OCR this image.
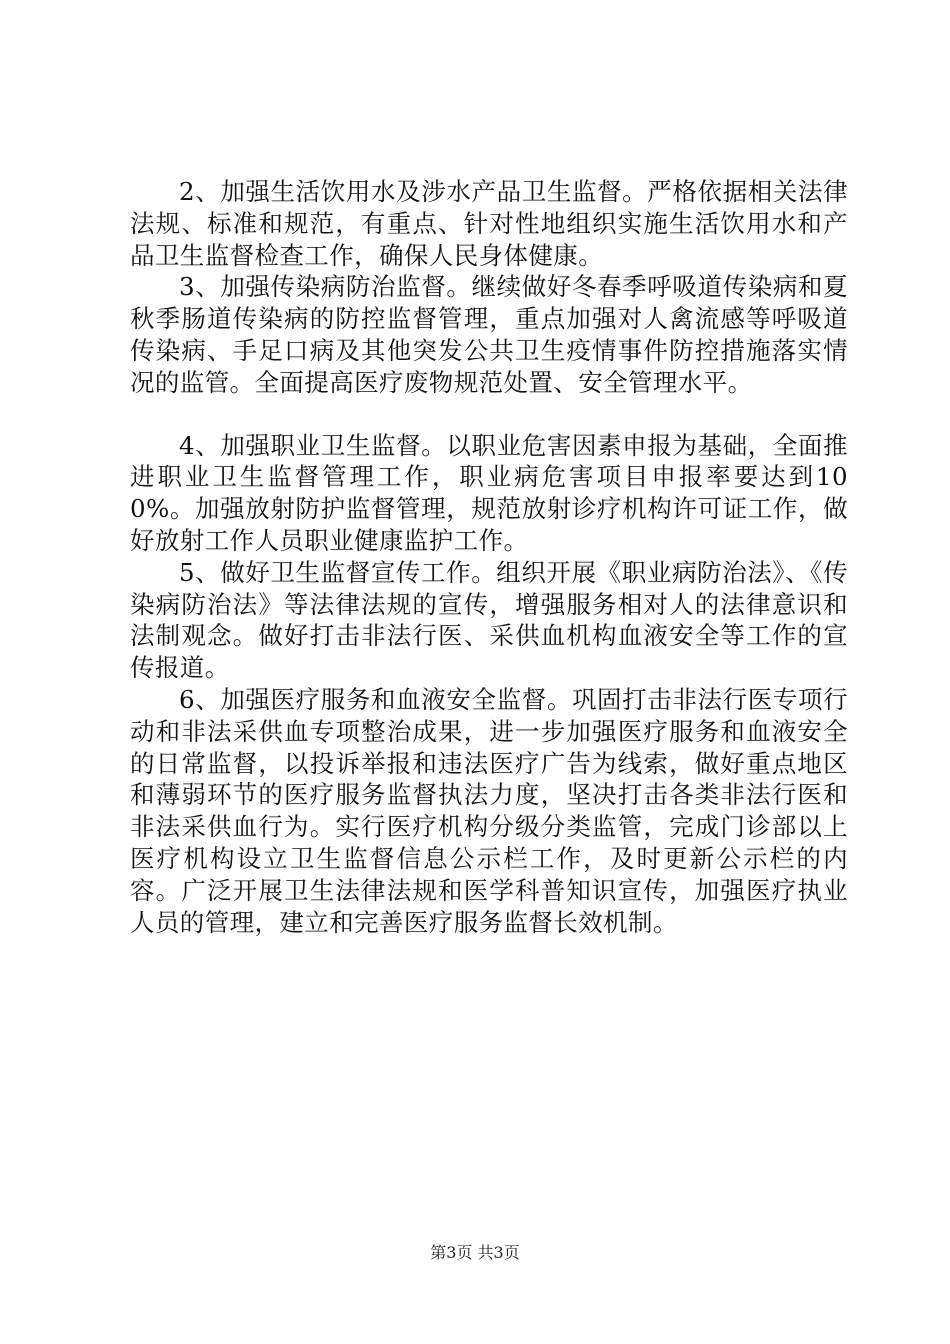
2、加强生活饮用水及涉水产品卫生监督。严格依据相关法律法规、标准和规范，有重点、针对性地组织实施生活饮用水和产品卫生监督检查工作，确保人民身体健康。

3、加强传染病防治监督。继续做好冬春季呼吸道传染病和夏秋季肠道传染病的防控监督管理，重点加强对人禽流感等呼吸道传染病、手足口病及其他突发公共卫生疫情事件防控措施落实情况的监管。全面提高医疗废物规范处置、安全管理水平。

4、加强职业卫生监督。以职业危害因素申报为基础，全面推进职业卫生监督管理工作，职业病危害项目申报率要达到100%。加强放射防护监督管理，规范放射诊疗机构许可证工作，做好放射工作人员职业健康监护工作。

5、做好卫生监督宣传工作。组织开展《职业病防治法》、《传染病防治法》等法律法规的宣传，增强服务相对人的法律意识和法制观念。做好打击非法行医、采供血机构血液安全等工作的宣传报道。

6、加强医疗服务和血液安全监督。巩固打击非法行医专项行动和非法采供血专项整治成果，进一步加强医疗服务和血液安全的日常监督，以投诉举报和违法医疗广告为线索，做好重点地区和薄弱环节的医疗服务监督执法力度，坚决打击各类非法行医和非法采供血行为。实行医疗机构分级分类监管，完成门诊部以上医疗机构设立卫生监督信息公示栏工作，及时更新公示栏的内容。广泛开展卫生法律法规和医学科普知识宣传，加强医疗执业人员的管理，建立和完善医疗服务监督长效机制。

第3页 共3页
